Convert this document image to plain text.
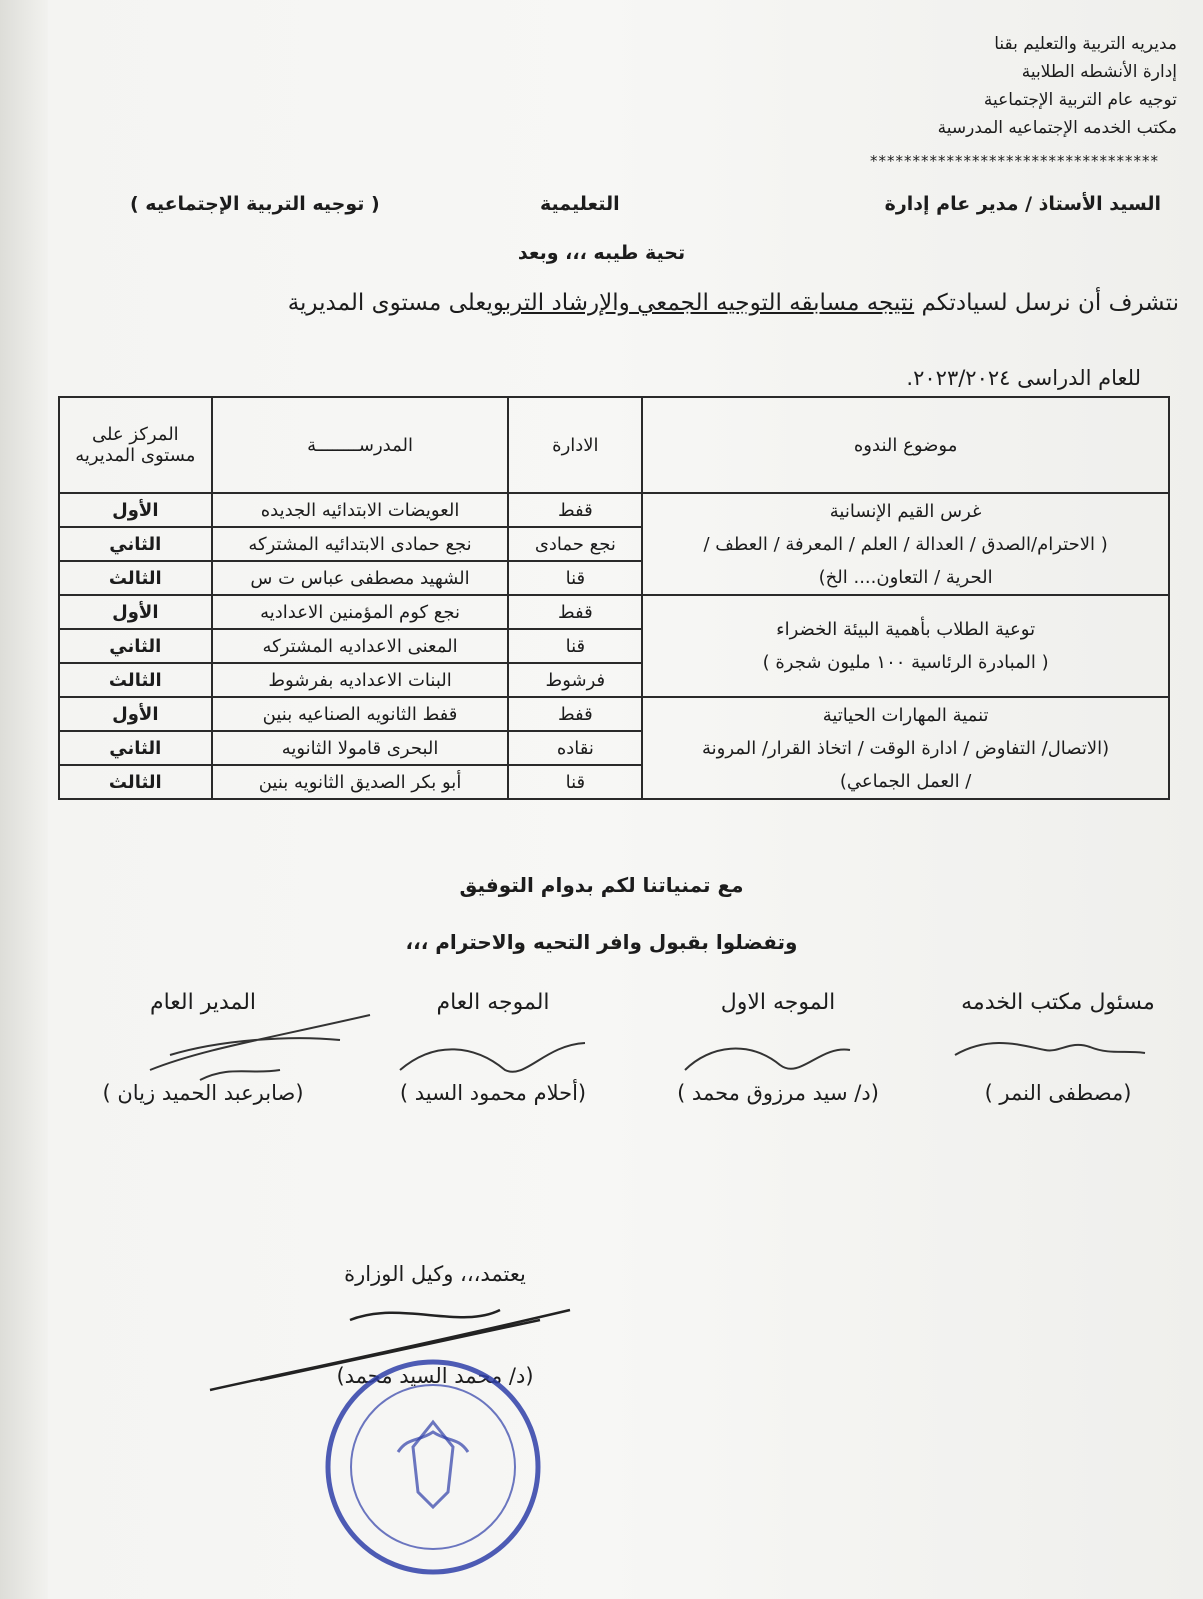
مديريه التربية والتعليم بقنا
إدارة الأنشطه الطلابية
توجيه عام التربية الإجتماعية
مكتب الخدمه الإجتماعيه المدرسية
**********************************
السيد الأستاذ / مدير عام إدارة
التعليمية
( توجيه التربية الإجتماعيه )
تحية طيبه ،،، وبعد
نتشرف أن نرسل لسيادتكم نتيجه مسابقه التوجيه الجمعي والإرشاد التربويعلى مستوى المديرية
للعام الدراسى ٢٠٢٣/٢٠٢٤.
موضوع الندوه	الادارة	المدرســــــــة	المركز على مستوى المديريه

غرس القيم الإنسانية
( الاحترام/الصدق / العدالة / العلم / المعرفة / العطف /
الحرية / التعاون.... الخ)	قفط	العويضات الابتدائيه الجديده	الأول
	نجع حمادى	نجع حمادى الابتدائيه المشتركه	الثاني
	قنا	الشهيد مصطفى عباس ت س	الثالث

توعية الطلاب بأهمية البيئة الخضراء
( المبادرة الرئاسية ١٠٠ مليون شجرة )	قفط	نجع كوم المؤمنين الاعداديه	الأول
	قنا	المعنى الاعداديه المشتركه	الثاني
	فرشوط	البنات الاعداديه بفرشوط	الثالث

تنمية المهارات الحياتية
(الاتصال/ التفاوض / ادارة الوقت / اتخاذ القرار/ المرونة
/ العمل الجماعي)	قفط	قفط الثانويه الصناعيه بنين	الأول
	نقاده	البحرى قامولا الثانويه	الثاني
	قنا	أبو بكر الصديق الثانويه بنين	الثالث
مع تمنياتنا لكم بدوام التوفيق
وتفضلوا بقبول وافر التحيه والاحترام ،،،
مسئول مكتب الخدمه
(مصطفى النمر )
الموجه الاول
(د/ سيد مرزوق محمد )
الموجه العام
(أحلام محمود السيد )
المدير العام
(صابرعبد الحميد زيان )
يعتمد،،، وكيل الوزارة
(د/ محمد السيد محمد)
